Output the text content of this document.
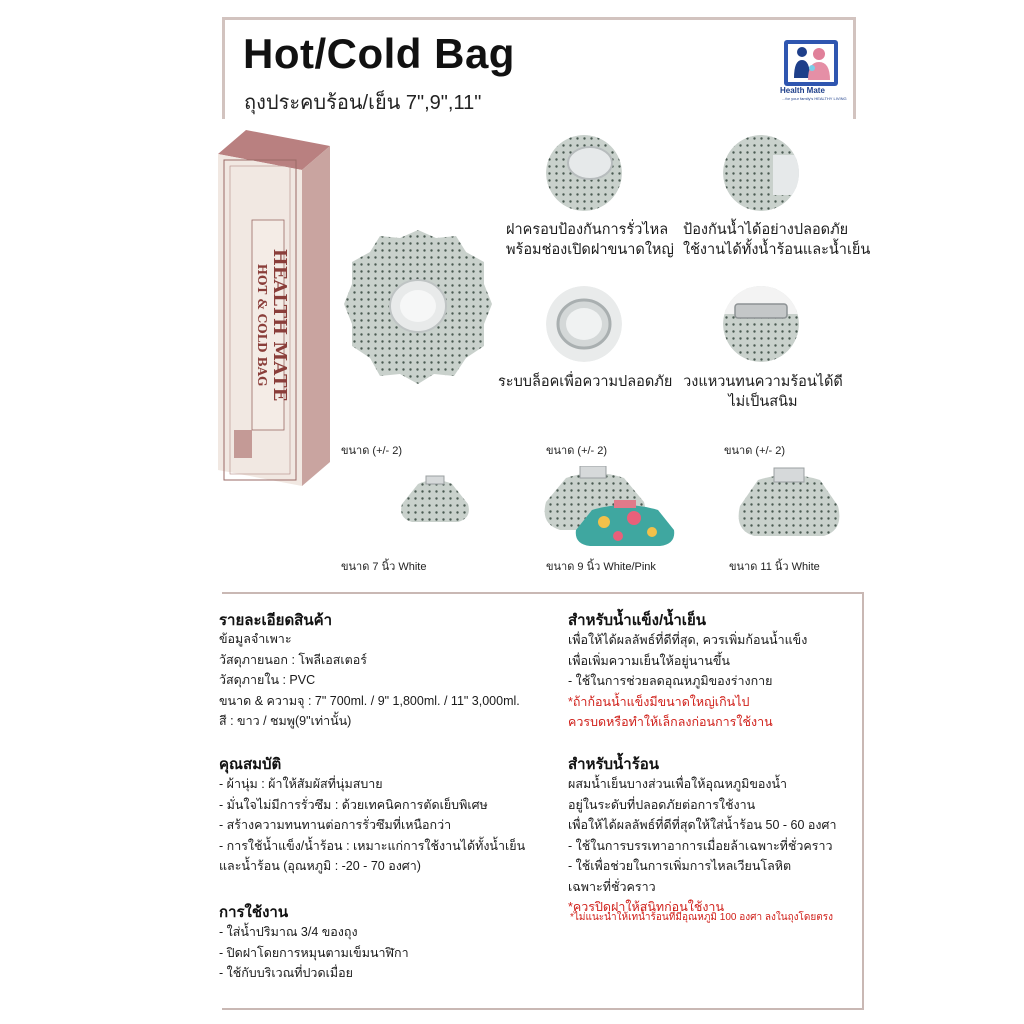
Hot/Cold Bag
ถุงประคบร้อน/เย็น 7",9",11"
Health Mate
...for your family's HEALTHY LIVING
HEALTH MATE
HOT & COLD BAG
ฝาครอบป้องกันการรั่วไหล
พร้อมช่องเปิดฝาขนาดใหญ่
ป้องกันน้ำได้อย่างปลอดภัย
ใช้งานได้ทั้งน้ำร้อนและน้ำเย็น
ระบบล็อคเพื่อความปลอดภัย วงแหวนทนความร้อนได้ดี
ไม่เป็นสนิม
ขนาด (+/- 2)	ขนาด (+/- 2)	ขนาด (+/- 2)
ขนาด 7 นิ้ว White	ขนาด 9 นิ้ว White/Pink	ขนาด 11 นิ้ว White
รายละเอียดสินค้า
ข้อมูลจำเพาะ
วัสดุภายนอก : โพลีเอสเตอร์
วัสดุภายใน : PVC
ขนาด & ความจุ : 7" 700ml. / 9" 1,800ml. / 11" 3,000ml.
สี : ขาว / ชมพู(9"เท่านั้น)
คุณสมบัติ
- ผ้านุ่ม : ผ้าให้สัมผัสที่นุ่มสบาย
- มั่นใจไม่มีการรั่วซึม : ด้วยเทคนิคการตัดเย็บพิเศษ
- สร้างความทนทานต่อการรั่วซึมที่เหนือกว่า
- การใช้น้ำแข็ง/น้ำร้อน : เหมาะแก่การใช้งานได้ทั้งน้ำเย็น
และน้ำร้อน (อุณหภูมิ : -20 - 70 องศา)
การใช้งาน
- ใส่น้ำปริมาณ 3/4 ของถุง
- ปิดฝาโดยการหมุนตามเข็มนาฬิกา
- ใช้กับบริเวณที่ปวดเมื่อย
สำหรับน้ำแข็ง/น้ำเย็น
เพื่อให้ได้ผลลัพธ์ที่ดีที่สุด, ควรเพิ่มก้อนน้ำแข็ง
เพื่อเพิ่มความเย็นให้อยู่นานขึ้น
- ใช้ในการช่วยลดอุณหภูมิของร่างกาย
*ถ้าก้อนน้ำแข็งมีขนาดใหญ่เกินไป
ควรบดหรือทำให้เล็กลงก่อนการใช้งาน
สำหรับน้ำร้อน
ผสมน้ำเย็นบางส่วนเพื่อให้อุณหภูมิของน้ำ
อยู่ในระดับที่ปลอดภัยต่อการใช้งาน
เพื่อให้ได้ผลลัพธ์ที่ดีที่สุดให้ใส่น้ำร้อน 50 - 60 องศา
- ใช้ในการบรรเทาอาการเมื่อยล้าเฉพาะที่ชั่วคราว
- ใช้เพื่อช่วยในการเพิ่มการไหลเวียนโลหิต
เฉพาะที่ชั่วคราว
*ควรปิดฝาให้สนิทก่อนใช้งาน
*ไม่แนะนำให้เทน้ำร้อนที่มีอุณหภูมิ 100 องศา ลงในถุงโดยตรง
